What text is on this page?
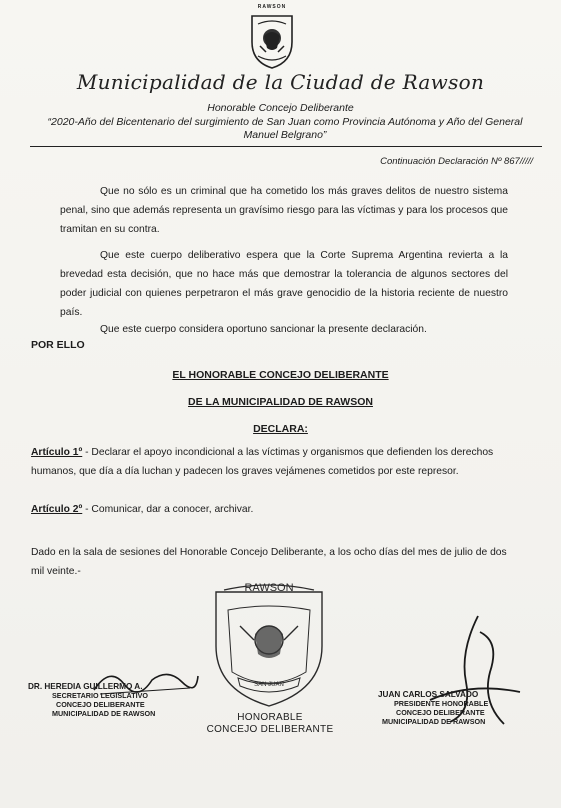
RAWSON
Municipalidad de la Ciudad de Rawson
Honorable Concejo Deliberante
“2020-Año del Bicentenario del surgimiento de San Juan como Provincia Autónoma y Año del General Manuel Belgrano”
Continuación Declaración Nº 867/////
Que no sólo es un criminal que ha cometido los más graves delitos de nuestro sistema penal, sino que además representa un gravísimo riesgo para las víctimas y para los procesos que tramitan en su contra.
Que este cuerpo deliberativo espera que la Corte Suprema Argentina revierta a la brevedad esta decisión, que no hace más que demostrar la tolerancia de algunos sectores del poder judicial con quienes perpetraron el más grave genocidio de la historia reciente de nuestro país.
Que este cuerpo considera oportuno sancionar la presente declaración.
POR ELLO
EL HONORABLE CONCEJO DELIBERANTE
DE LA MUNICIPALIDAD DE RAWSON
DECLARA:
Artículo 1º - Declarar el apoyo incondicional a las víctimas y organismos que defienden los derechos humanos, que día a día luchan y padecen los graves vejámenes cometidos por este represor.
Artículo 2º - Comunicar, dar a conocer, archivar.
Dado en la sala de sesiones del Honorable Concejo Deliberante, a los ocho días del mes de julio de dos mil veinte.-
RAWSON
SAN JUAN
HONORABLE
CONCEJO DELIBERANTE
DR. HEREDIA GUILLERMO A.
SECRETARIO LEGISLATIVO
CONCEJO DELIBERANTE
MUNICIPALIDAD DE RAWSON
JUAN CARLOS SALVADO
PRESIDENTE HONORABLE
CONCEJO DELIBERANTE
MUNICIPALIDAD DE RAWSON
